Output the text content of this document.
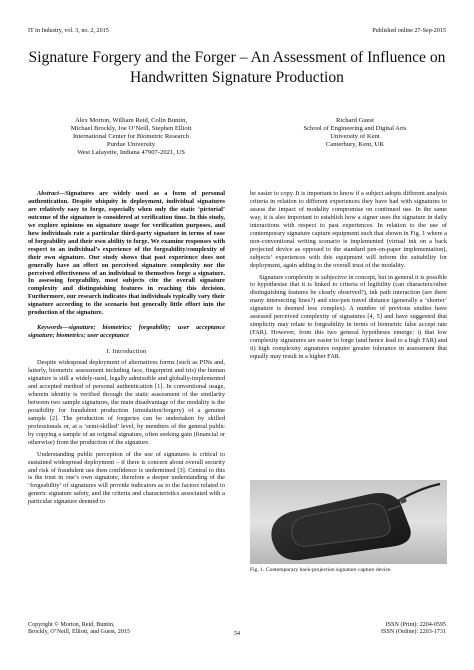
IT in Industry, vol. 3, no. 2, 2015	Published online 27-Sep-2015
Signature Forgery and the Forger – An Assessment of Influence on Handwritten Signature Production
Alex Morton, William Reid, Colin Buntin,
Michael Brockly, Joe O’Neill, Stephen Elliott
International Center for Biometric Research
Purdue University
West Lafayette, Indiana 47907-2021, US
Richard Guest
School of Engineering and Digital Arts
University of Kent
Canterbury, Kent, UK

Abstract—Signatures are widely used as a form of personal authentication. Despite ubiquity in deployment, individual signatures are relatively easy to forge, especially when only the static ‘pictorial’ outcome of the signature is considered at verification time. In this study, we explore opinions on signature usage for verification purposes, and how individuals rate a particular third-party signature in terms of ease of forgeability and their own ability to forge. We examine responses with respect to an individual’s experience of the forgeability/complexity of their own signature. Our study shows that past experience does not generally have an effect on perceived signature complexity nor the perceived effectiveness of an individual to themselves forge a signature. In assessing forgeability, most subjects cite the overall signature complexity and distinguishing features in reaching this decision. Furthermore, our research indicates that individuals typically vary their signature according to the scenario but generally little effort into the production of the signature.

Keywords—signature; biometrics; forgeability; user acceptance signature; biometrics; user acceptance

I. Introduction

Despite widespread deployment of alternatives forms (such as PINs and, latterly, biometric assessment including face, fingerprint and iris) the human signature is still a widely-used, legally admissible and globally-implemented and accepted method of personal authentication [1]. In conventional usage, wherein identity is verified through the static assessment of the similarity between two sample signatures, the main disadvantage of the modality is the possibility for fraudulent production (simulation/forgery) of a genuine sample [2]. The production of forgeries can be undertaken by skilled professionals or, at a ‘semi-skilled’ level, by members of the general public by copying a sample of an original signature, often seeking gain (financial or otherwise) from the production of the signature.

Understanding public perception of the use of signatures is critical to sustained widespread deployment – if there is concern about overall security and risk of fraudulent use then confidence is undermined [3]. Central to this is the trust in one’s own signature, therefore a deeper understanding of the ‘forgeability’ of signatures will provide indicators as to the factors related to generic signature safety, and the criteria and characteristics associated with a particular signature deemed to

be easier to copy. It is important to know if a subject adopts different analysis criteria in relation to different experiences they have had with signatures to assess the impact of modality compromise on continued use. In the same way, it is also important to establish how a signer uses the signature in daily interactions with respect to past experiences. In relation to the use of contemporary signature capture equipment such that shown in Fig. 1 where a non-conventional writing scenario is implemented (virtual ink on a back projected device as opposed to the standard pen-on-paper implementation), subjects’ experiences with this equipment will inform the suitability for deployment, again adding to the overall trust of the modality.

Signature complexity is subjective in concept, but in general it is possible to hypothesise that it is linked to criteria of legibility (can characters/other distinguishing features be clearly observed?), ink path interaction (are there many intersecting lines?) and size/pen travel distance (generally a ‘shorter’ signature is deemed less complex). A number of previous studies have assessed perceived complexity of signatures [4, 5] and have suggested that simplicity may relate to forgeability in terms of biometric false accept rate (FAR). However, from this two general hypotheses emerge: i) that low complexity signatures are easier to forge (and hence lead to a high FAR) and ii) high complexity signatures require greater tolerance in assessment that equally may result in a higher FAR.

Fig. 1. Contemporary back-projection signature capture device.
Copyright © Morton, Reid, Buntin,
Brockly, O’Neill, Elliott, and Guest, 2015	54
ISSN (Print): 2204-0595
ISSN (Online): 2203-1731
